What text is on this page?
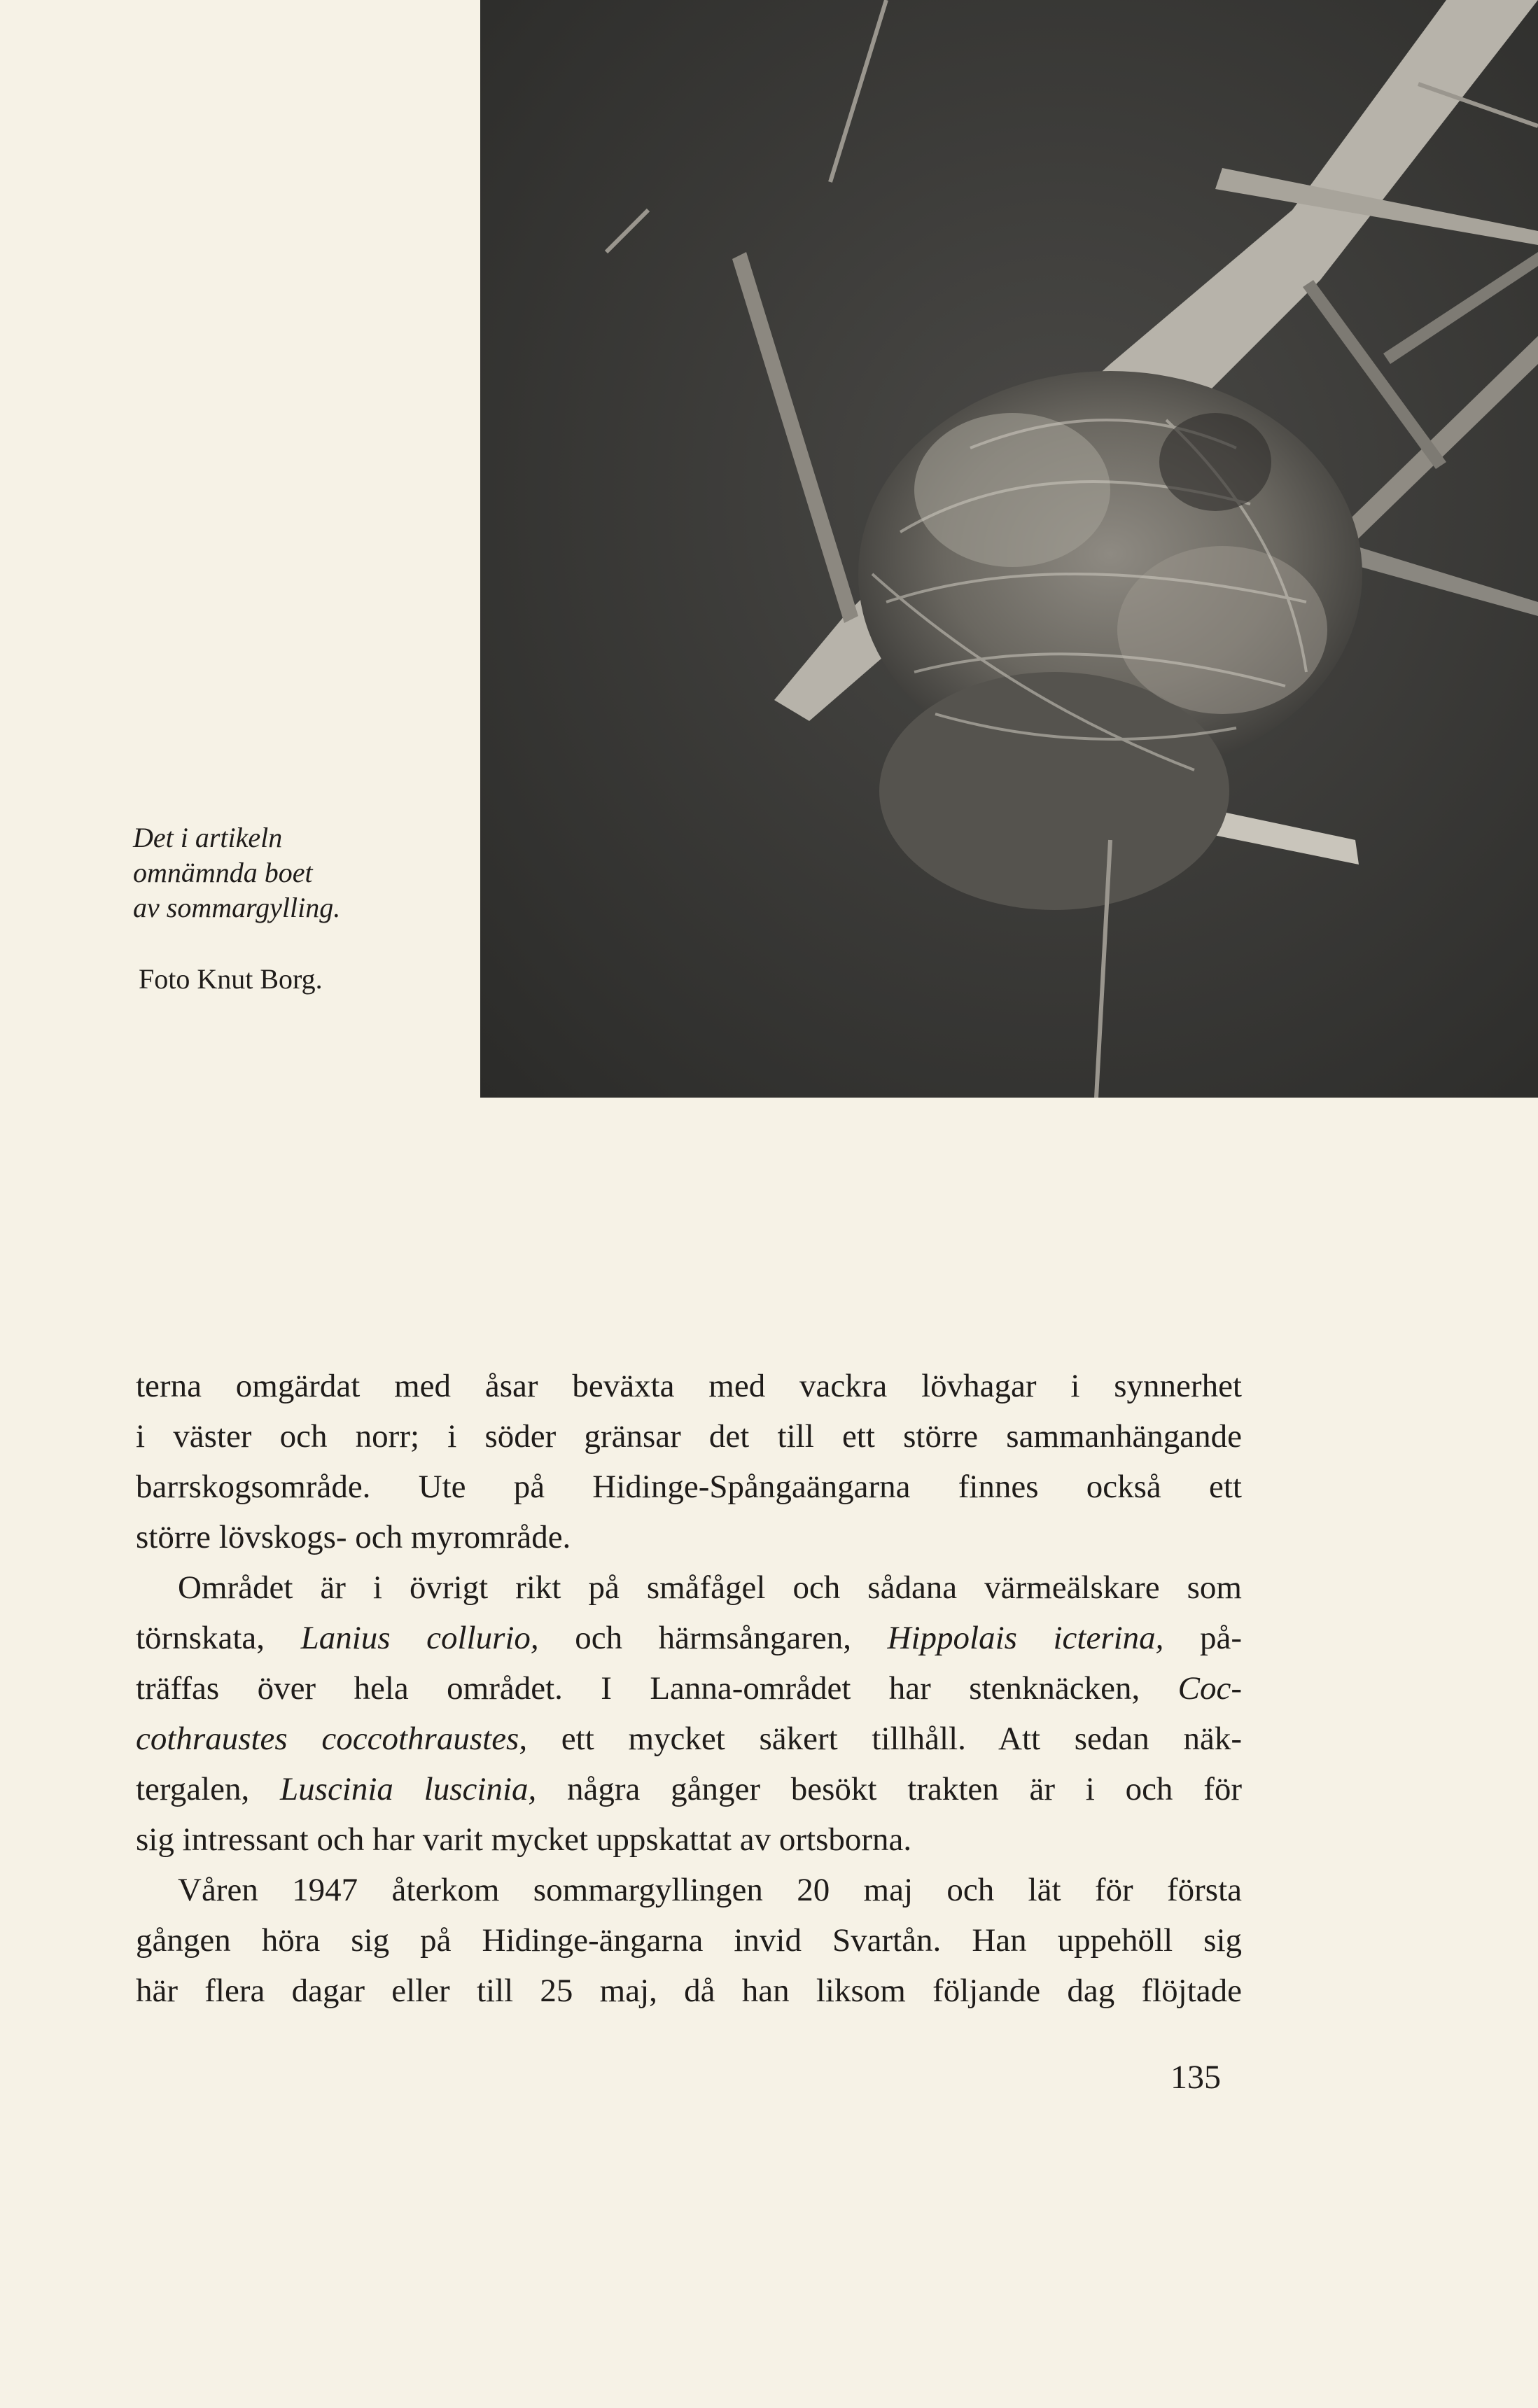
Det i artikeln
omnämnda boet
av sommargylling.
Foto Knut Borg.

terna omgärdat med åsar beväxta med vackra lövhagar i synnerhet
i väster och norr; i söder gränsar det till ett större sammanhängande
barrskogsområde. Ute på Hidinge-Spångaängarna finnes också ett
större lövskogs- och myrområde.

Området är i övrigt rikt på småfågel och sådana värmeälskare som
törnskata, Lanius collurio, och härmsångaren, Hippolais icterina, på-
träffas över hela området. I Lanna-området har stenknäcken, Coc-
cothraustes coccothraustes, ett mycket säkert tillhåll. Att sedan näk-
tergalen, Luscinia luscinia, några gånger besökt trakten är i och för
sig intressant och har varit mycket uppskattat av ortsborna.

Våren 1947 återkom sommargyllingen 20 maj och lät för första
gången höra sig på Hidinge-ängarna invid Svartån. Han uppehöll sig
här flera dagar eller till 25 maj, då han liksom följande dag flöjtade

135
